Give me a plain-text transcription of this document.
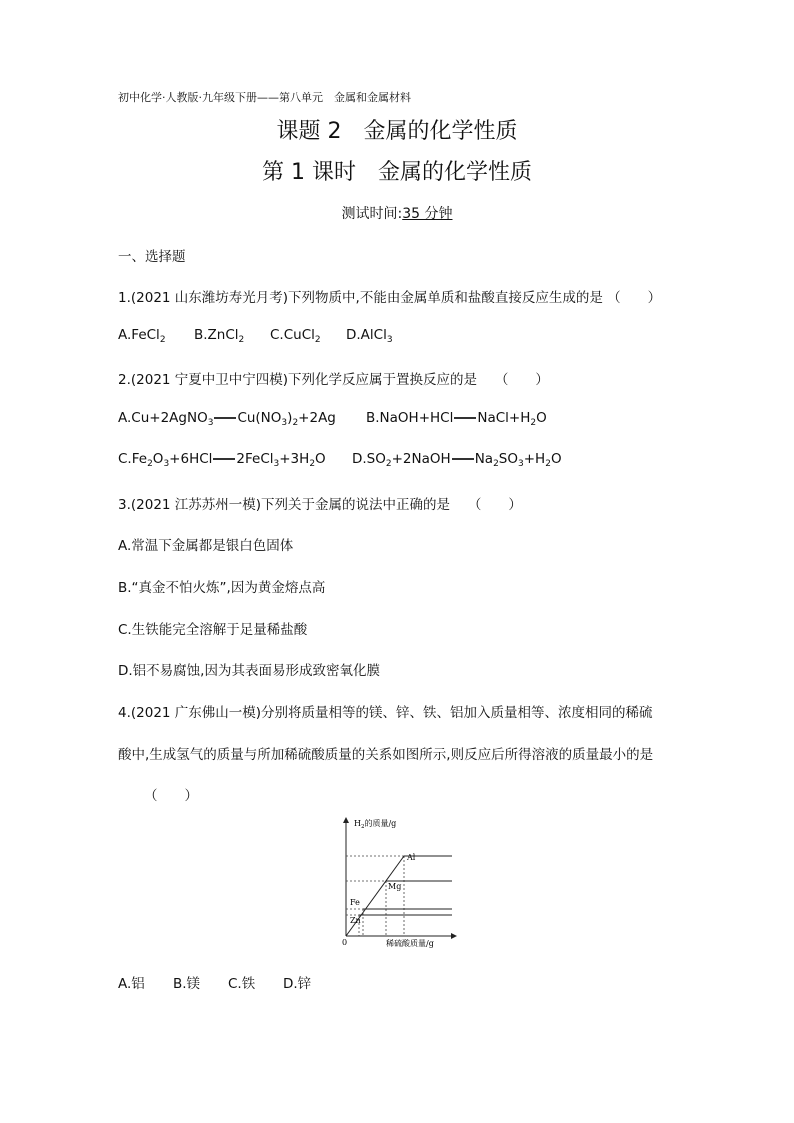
初中化学·人教版·九年级下册——第八单元　金属和金属材料
课题 2　金属的化学性质
第 1 课时　金属的化学性质
测试时间:35 分钟
一、选择题
1.(2021 山东潍坊寿光月考)下列物质中,不能由金属单质和盐酸直接反应生成的是 （　　）
A.FeCl$_2$ B.ZnCl$_2$ C.CuCl$_2$ D.AlCl$_3$
2.(2021 宁夏中卫中宁四模)下列化学反应属于置换反应的是　 （　　）
A.Cu+2AgNO$_3$ $Cu(NO_3)_2+2Ag$ B.NaOH+HCl $NaCl+H_2O$
$C.Fe_2O_3+6HCl$ $2FeCl_3+3H_2O$ $D.SO_2+2NaOH$ $Na_2SO_3+H_2O$
3.(2021 江苏苏州一模)下列关于金属的说法中正确的是　 （　　）
A.常温下金属都是银白色固体
B.“真金不怕火炼”,因为黄金熔点高
C.生铁能完全溶解于足量稀盐酸
D.铝不易腐蚀,因为其表面易形成致密氧化膜
4.(2021 广东佛山一模)分别将质量相等的镁、锌、铁、铝加入质量相等、浓度相同的稀硫
酸中,生成氢气的质量与所加稀硫酸质量的关系如图所示,则反应后所得溶液的质量最小的是
（　　）
$H_2$的质量/g
Al
Mg
Fe
Zn
0	稀硫酸质量/g
A.铝 B.镁 C.铁 D.锌
